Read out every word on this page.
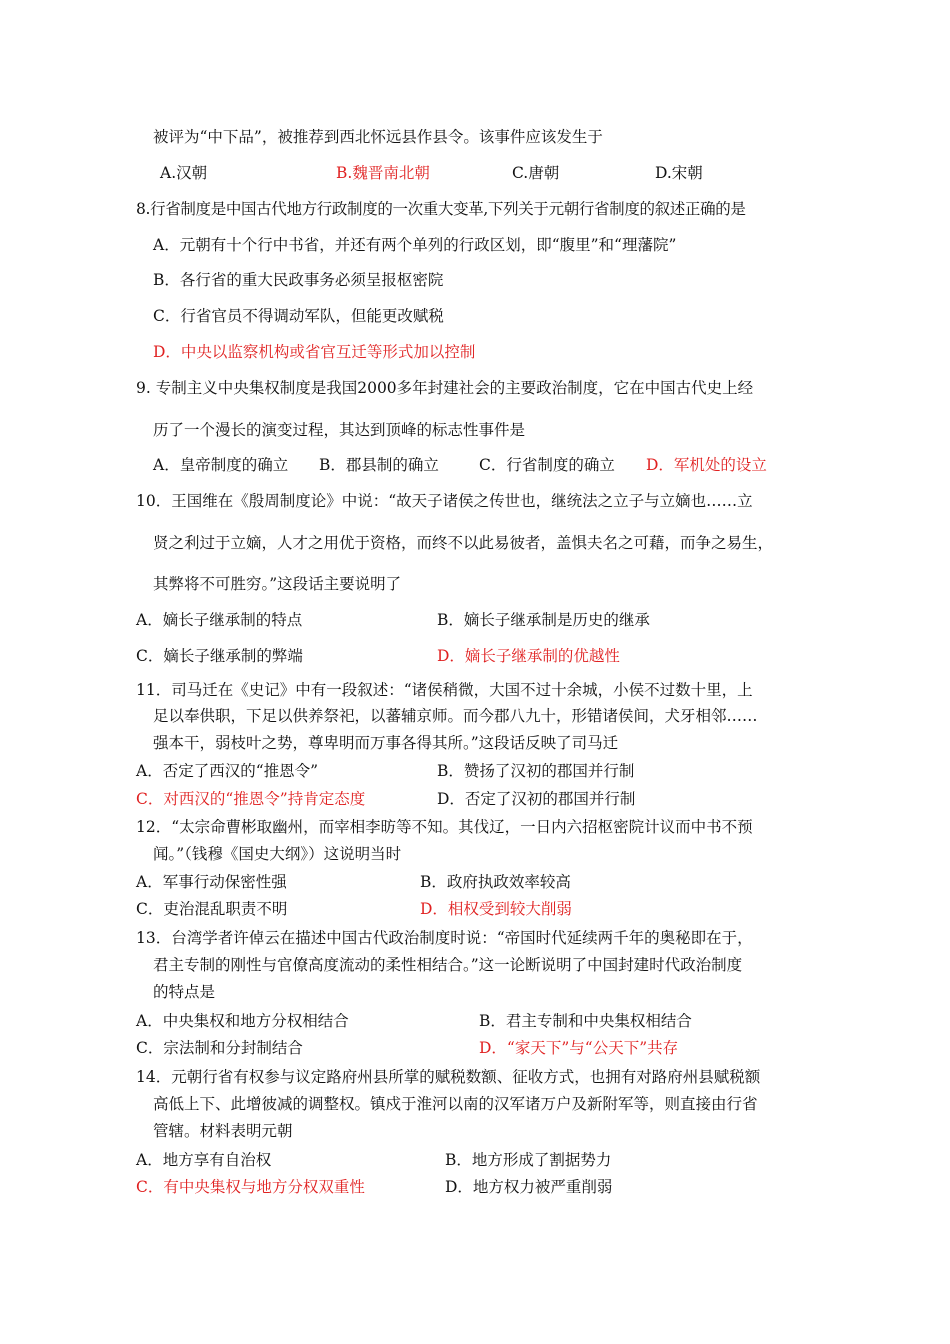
被评为“中下品”，被推荐到西北怀远县作县令。该事件应该发生于
A.汉朝	B.魏晋南北朝	C.唐朝	D.宋朝
8.行省制度是中国古代地方行政制度的一次重大变革,下列关于元朝行省制度的叙述正确的是
A．元朝有十个行中书省，并还有两个单列的行政区划，即“腹里”和“理藩院”
B．各行省的重大民政事务必须呈报枢密院
C．行省官员不得调动军队，但能更改赋税
D．中央以监察机构或省官互迁等形式加以控制
9. 专制主义中央集权制度是我国2000多年封建社会的主要政治制度，它在中国古代史上经
历了一个漫长的演变过程，其达到顶峰的标志性事件是
A．皇帝制度的确立 B．郡县制的确立	C．行省制度的确立 D．军机处的设立
10．王国维在《殷周制度论》中说：“故天子诸侯之传世也，继统法之立子与立嫡也……立
贤之利过于立嫡，人才之用优于资格，而终不以此易彼者，盖惧夫名之可藉，而争之易生，
其弊将不可胜穷。”这段话主要说明了
A．嫡长子继承制的特点	B．嫡长子继承制是历史的继承
C．嫡长子继承制的弊端	D．嫡长子继承制的优越性
11．司马迁在《史记》中有一段叙述：“诸侯稍微，大国不过十余城，小侯不过数十里，上
足以奉供职，下足以供养祭祀，以蕃辅京师。而今郡八九十，形错诸侯间，犬牙相邻……
强本干，弱枝叶之势，尊卑明而万事各得其所。”这段话反映了司马迁
A．否定了西汉的“推恩令”	B．赞扬了汉初的郡国并行制
C．对西汉的“推恩令”持肯定态度	D．否定了汉初的郡国并行制
12．“太宗命曹彬取幽州，而宰相李昉等不知。其伐辽，一日内六招枢密院计议而中书不预
闻。”（钱穆《国史大纲》）这说明当时
A．军事行动保密性强	B．政府执政效率较高
C．吏治混乱职责不明	D．相权受到较大削弱
13．台湾学者许倬云在描述中国古代政治制度时说：“帝国时代延续两千年的奥秘即在于，
君主专制的刚性与官僚高度流动的柔性相结合。”这一论断说明了中国封建时代政治制度
的特点是
A．中央集权和地方分权相结合	B．君主专制和中央集权相结合
C．宗法制和分封制结合	D．“家天下”与“公天下”共存
14．元朝行省有权参与议定路府州县所掌的赋税数额、征收方式，也拥有对路府州县赋税额
高低上下、此增彼减的调整权。镇戍于淮河以南的汉军诸万户及新附军等，则直接由行省
管辖。材料表明元朝
A．地方享有自治权	B．地方形成了割据势力
C．有中央集权与地方分权双重性	D．地方权力被严重削弱
